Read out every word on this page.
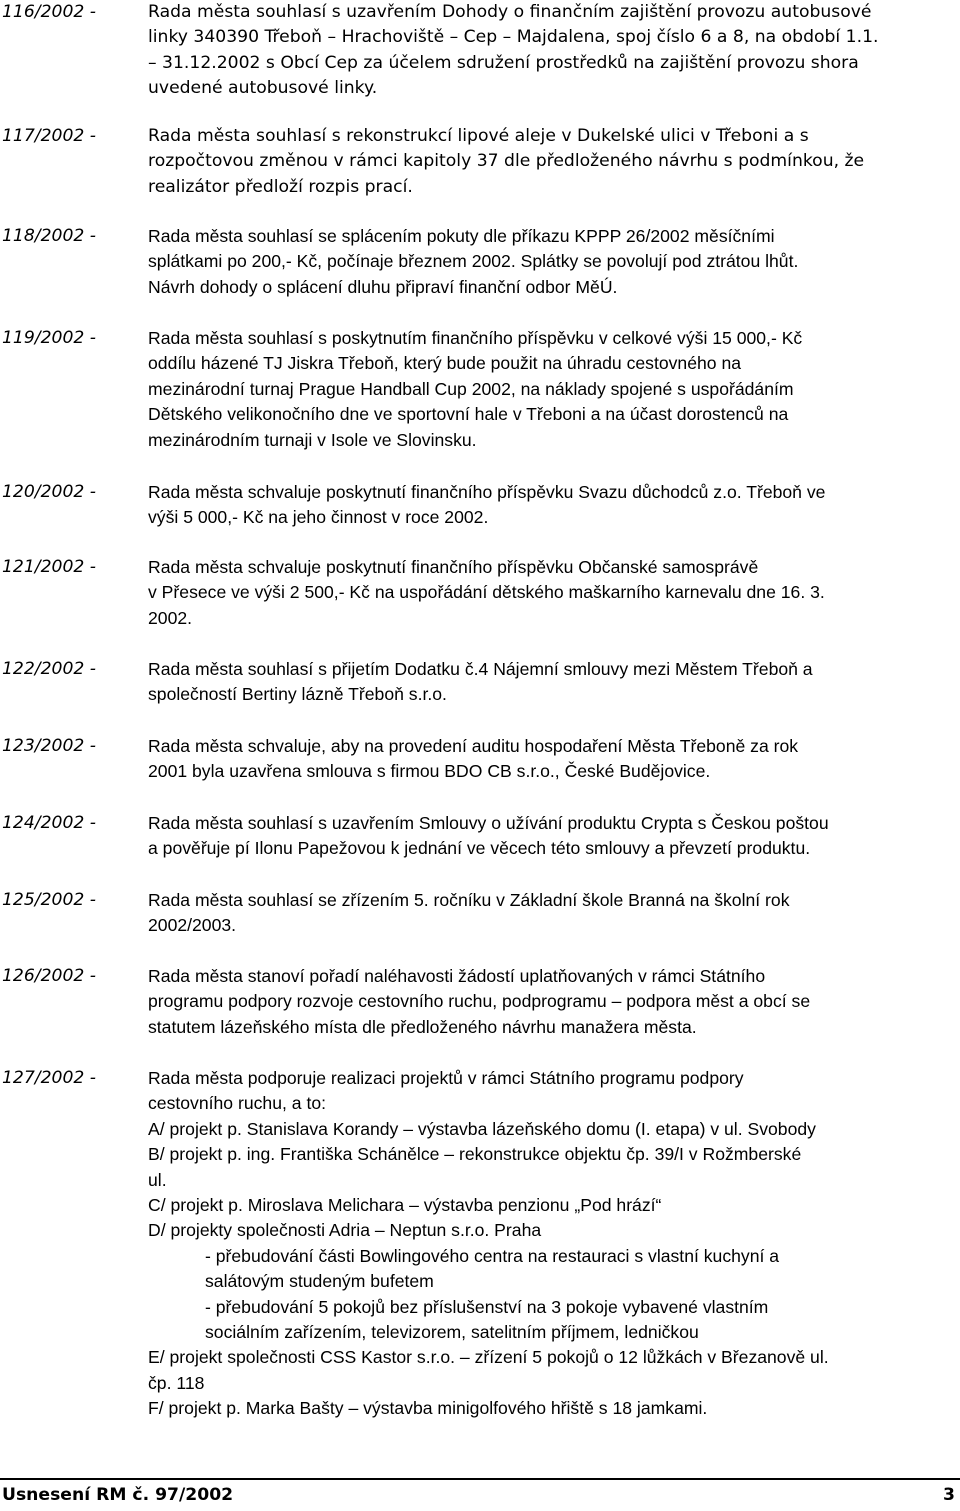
116/2002 -	Rada města souhlasí s uzavřením Dohody o finančním zajištění provozu autobusové
linky 340390 Třeboň – Hrachoviště – Cep – Majdalena, spoj číslo 6 a 8, na období 1.1.
– 31.12.2002 s Obcí Cep za účelem sdružení prostředků na zajištění provozu shora
uvedené autobusové linky.
117/2002 -	Rada města souhlasí s rekonstrukcí lipové aleje v Dukelské ulici v Třeboni a s
rozpočtovou změnou v rámci kapitoly 37 dle předloženého návrhu s podmínkou, že
realizátor předloží rozpis prací.
118/2002 -	Rada města souhlasí se splácením pokuty dle příkazu KPPP 26/2002 měsíčními
splátkami po 200,- Kč, počínaje březnem 2002. Splátky se povolují pod ztrátou lhůt.
Návrh dohody o splácení dluhu připraví finanční odbor MěÚ.
119/2002 -	Rada města souhlasí s poskytnutím finančního příspěvku v celkové výši 15 000,- Kč
oddílu házené TJ Jiskra Třeboň, který bude použit na úhradu cestovného na
mezinárodní turnaj Prague Handball Cup 2002, na náklady spojené s uspořádáním
Dětského velikonočního dne ve sportovní hale v Třeboni a na účast dorostenců na
mezinárodním turnaji v Isole ve Slovinsku.
120/2002 -	Rada města schvaluje poskytnutí finančního příspěvku Svazu důchodců z.o. Třeboň ve
výši 5 000,- Kč na jeho činnost v roce 2002.
121/2002 -	Rada města schvaluje poskytnutí finančního příspěvku Občanské samosprávě
v Přesece ve výši 2 500,- Kč na uspořádání dětského maškarního karnevalu dne 16. 3.
2002.
122/2002 -	Rada města souhlasí s přijetím Dodatku č.4 Nájemní smlouvy mezi Městem Třeboň a
společností Bertiny lázně Třeboň s.r.o.
123/2002 -	Rada města schvaluje, aby na provedení auditu hospodaření Města Třeboně za rok
2001 byla uzavřena smlouva s firmou BDO CB s.r.o., České Budějovice.
124/2002 -	Rada města souhlasí s uzavřením Smlouvy o užívání produktu Crypta s Českou poštou
a pověřuje pí Ilonu Papežovou k jednání ve věcech této smlouvy a převzetí produktu.
125/2002 -	Rada města souhlasí se zřízením 5. ročníku v Základní škole Branná na školní rok
2002/2003.
126/2002 -	Rada města stanoví pořadí naléhavosti žádostí uplatňovaných v rámci Státního
programu podpory rozvoje cestovního ruchu, podprogramu – podpora měst a obcí se
statutem lázeňského místa dle předloženého návrhu manažera města.
127/2002 -	Rada města podporuje realizaci projektů v rámci Státního programu podpory
cestovního ruchu, a to:
A/ projekt p. Stanislava Korandy – výstavba lázeňského domu (I. etapa) v ul. Svobody
B/ projekt p. ing. Františka Schánělce – rekonstrukce objektu čp. 39/I v Rožmberské
ul.
C/ projekt p. Miroslava Melichara – výstavba penzionu „Pod hrází“
D/ projekty společnosti Adria – Neptun s.r.o. Praha
- přebudování části Bowlingového centra na restauraci s vlastní kuchyní a
salátovým studeným bufetem
- přebudování 5 pokojů bez příslušenství na 3 pokoje vybavené vlastním
sociálním zařízením, televizorem, satelitním příjmem, ledničkou
E/ projekt společnosti CSS Kastor s.r.o. – zřízení 5 pokojů o 12 lůžkách v Březanově ul.
čp. 118
F/ projekt p. Marka Bašty – výstavba minigolfového hřiště s 18 jamkami.
Usnesení RM č. 97/2002	3
